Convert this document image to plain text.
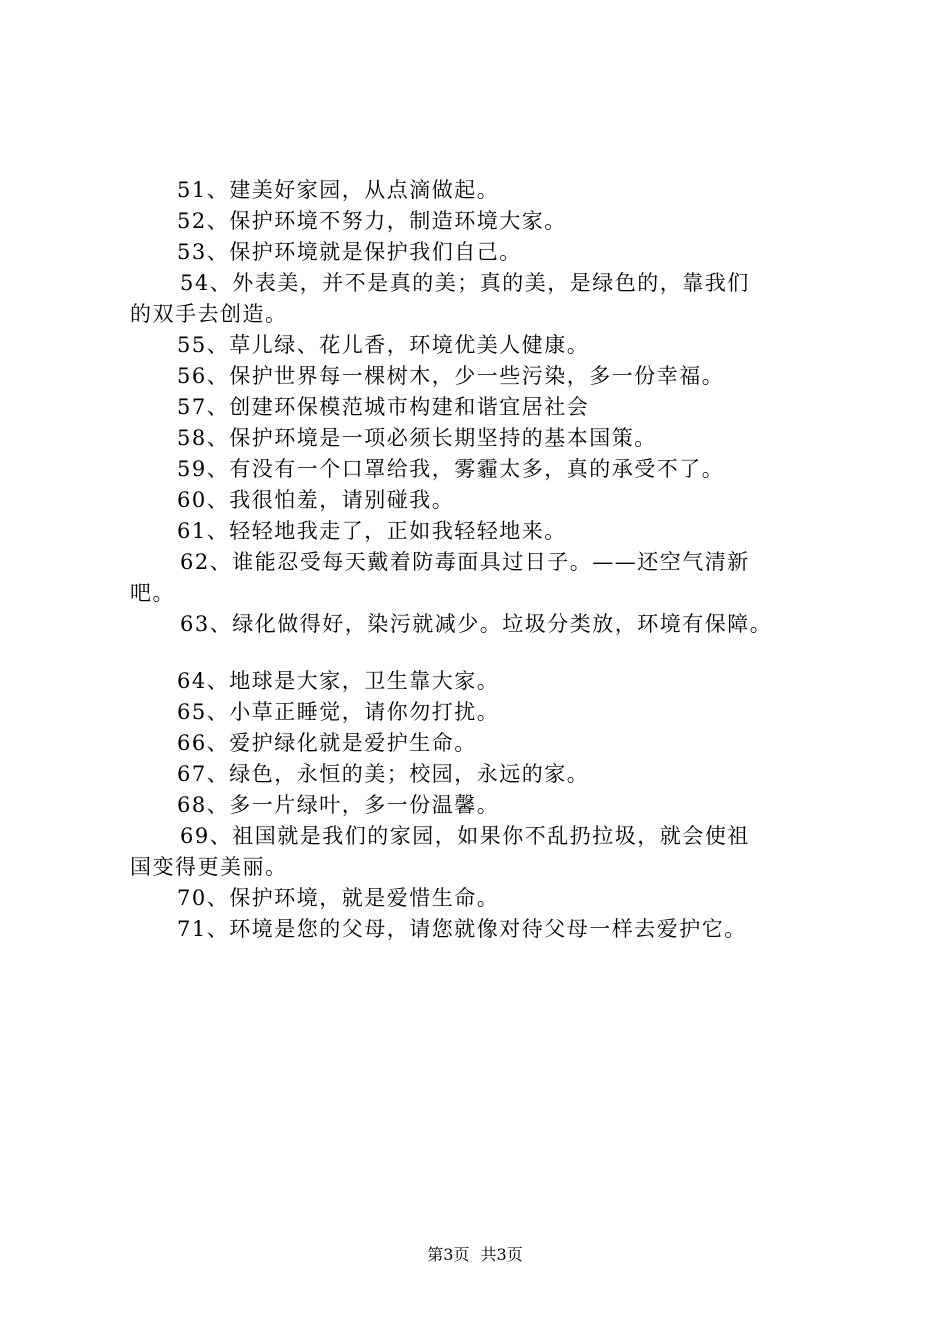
51、建美好家园，从点滴做起。
52、保护环境不努力，制造环境大家。
53、保护环境就是保护我们自己。
54、外表美，并不是真的美；真的美，是绿色的，靠我们
的双手去创造。
55、草儿绿、花儿香，环境优美人健康。
56、保护世界每一棵树木，少一些污染，多一份幸福。
57、创建环保模范城市构建和谐宜居社会
58、保护环境是一项必须长期坚持的基本国策。
59、有没有一个口罩给我，雾霾太多，真的承受不了。
60、我很怕羞，请别碰我。
61、轻轻地我走了，正如我轻轻地来。
62、谁能忍受每天戴着防毒面具过日子。——还空气清新
吧。
63、绿化做得好，染污就减少。垃圾分类放，环境有保障。
64、地球是大家，卫生靠大家。
65、小草正睡觉，请你勿打扰。
66、爱护绿化就是爱护生命。
67、绿色，永恒的美；校园，永远的家。
68、多一片绿叶，多一份温馨。
69、祖国就是我们的家园，如果你不乱扔拉圾，就会使祖
国变得更美丽。
70、保护环境，就是爱惜生命。
71、环境是您的父母，请您就像对待父母一样去爱护它。
第3页 共3页
